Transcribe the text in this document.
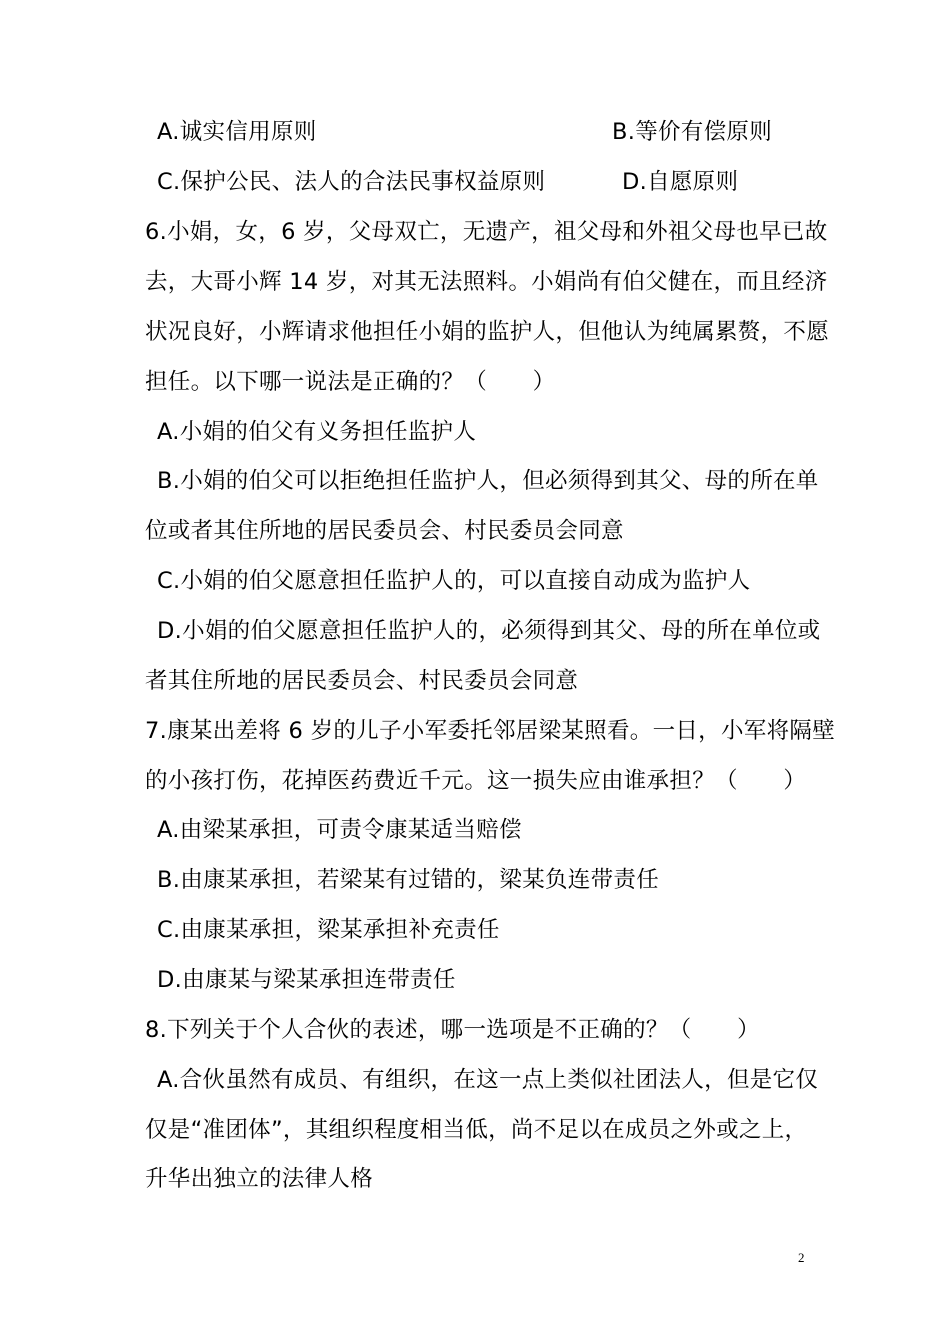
A.诚实信用原则	B.等价有偿原则
C.保护公民、法人的合法民事权益原则	D.自愿原则
6.小娟，女，6 岁，父母双亡，无遗产，祖父母和外祖父母也早已故
去，大哥小辉 14 岁，对其无法照料。小娟尚有伯父健在，而且经济
状况良好，小辉请求他担任小娟的监护人，但他认为纯属累赘，不愿
担任。以下哪一说法是正确的？（　　）
A.小娟的伯父有义务担任监护人
B.小娟的伯父可以拒绝担任监护人，但必须得到其父、母的所在单
位或者其住所地的居民委员会、村民委员会同意
C.小娟的伯父愿意担任监护人的，可以直接自动成为监护人
D.小娟的伯父愿意担任监护人的，必须得到其父、母的所在单位或
者其住所地的居民委员会、村民委员会同意
7.康某出差将 6 岁的儿子小军委托邻居梁某照看。一日，小军将隔壁
的小孩打伤，花掉医药费近千元。这一损失应由谁承担？（　　）
A.由梁某承担，可责令康某适当赔偿
B.由康某承担，若梁某有过错的，梁某负连带责任
C.由康某承担，梁某承担补充责任
D.由康某与梁某承担连带责任
8.下列关于个人合伙的表述，哪一选项是不正确的？（　　）
A.合伙虽然有成员、有组织，在这一点上类似社团法人，但是它仅
仅是“准团体”，其组织程度相当低，尚不足以在成员之外或之上，
升华出独立的法律人格
2
